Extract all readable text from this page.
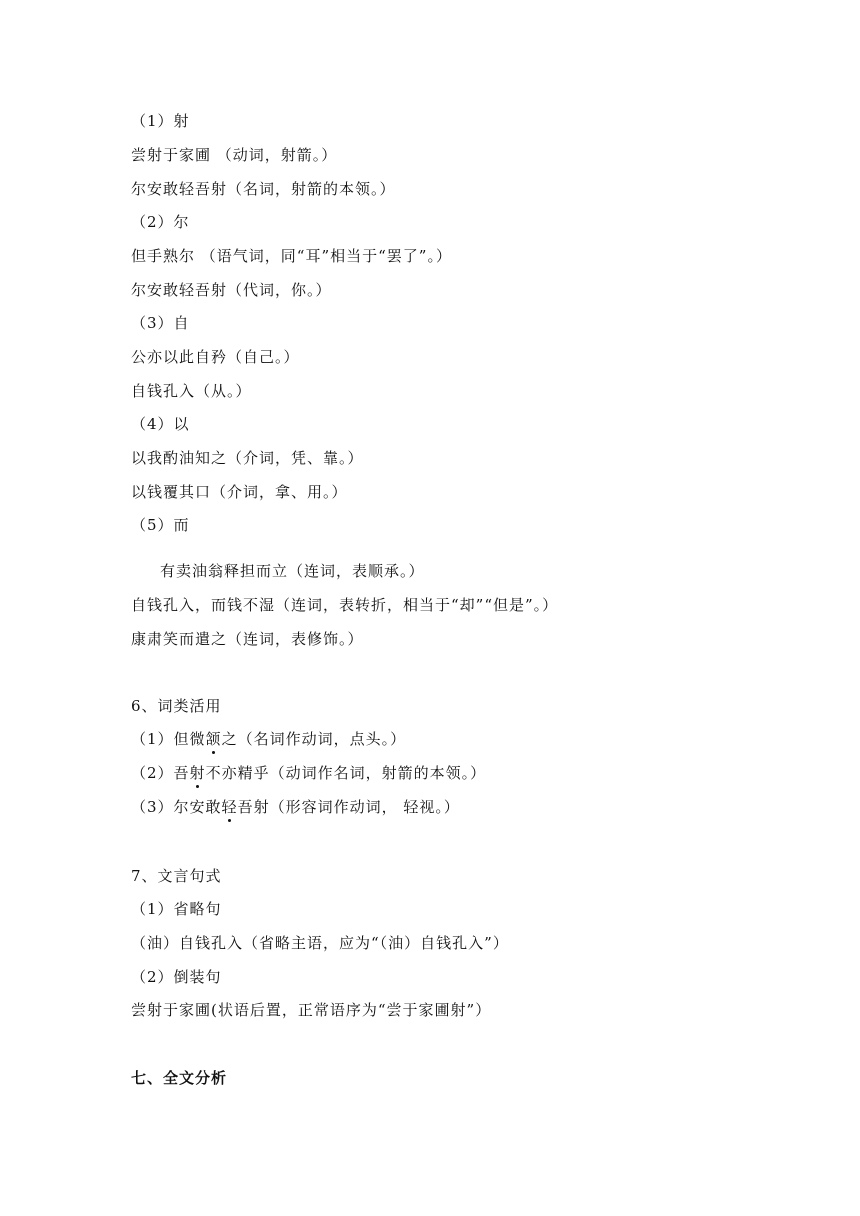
（1）射
尝射于家圃 （动词，射箭。）
尔安敢轻吾射（名词，射箭的本领。）
（2）尔
但手熟尔 （语气词，同“耳”相当于“罢了”。）
尔安敢轻吾射（代词，你。）
（3）自
公亦以此自矜（自己。）
自钱孔入（从。）
（4）以
以我酌油知之（介词，凭、靠。）
以钱覆其口（介词，拿、用。）
（5）而
有卖油翁释担而立（连词，表顺承。）
自钱孔入，而钱不湿（连词，表转折，相当于“却”“但是”。）
康肃笑而遣之（连词，表修饰。）
6、词类活用
（1）但微颔之（名词作动词，点头。）
（2）吾射不亦精乎（动词作名词，射箭的本领。）
（3）尔安敢轻吾射（形容词作动词， 轻视。）
7、文言句式
（1）省略句
（油）自钱孔入（省略主语，应为“（油）自钱孔入”）
（2）倒装句
尝射于家圃(状语后置，正常语序为“尝于家圃射”）
七、全文分析
